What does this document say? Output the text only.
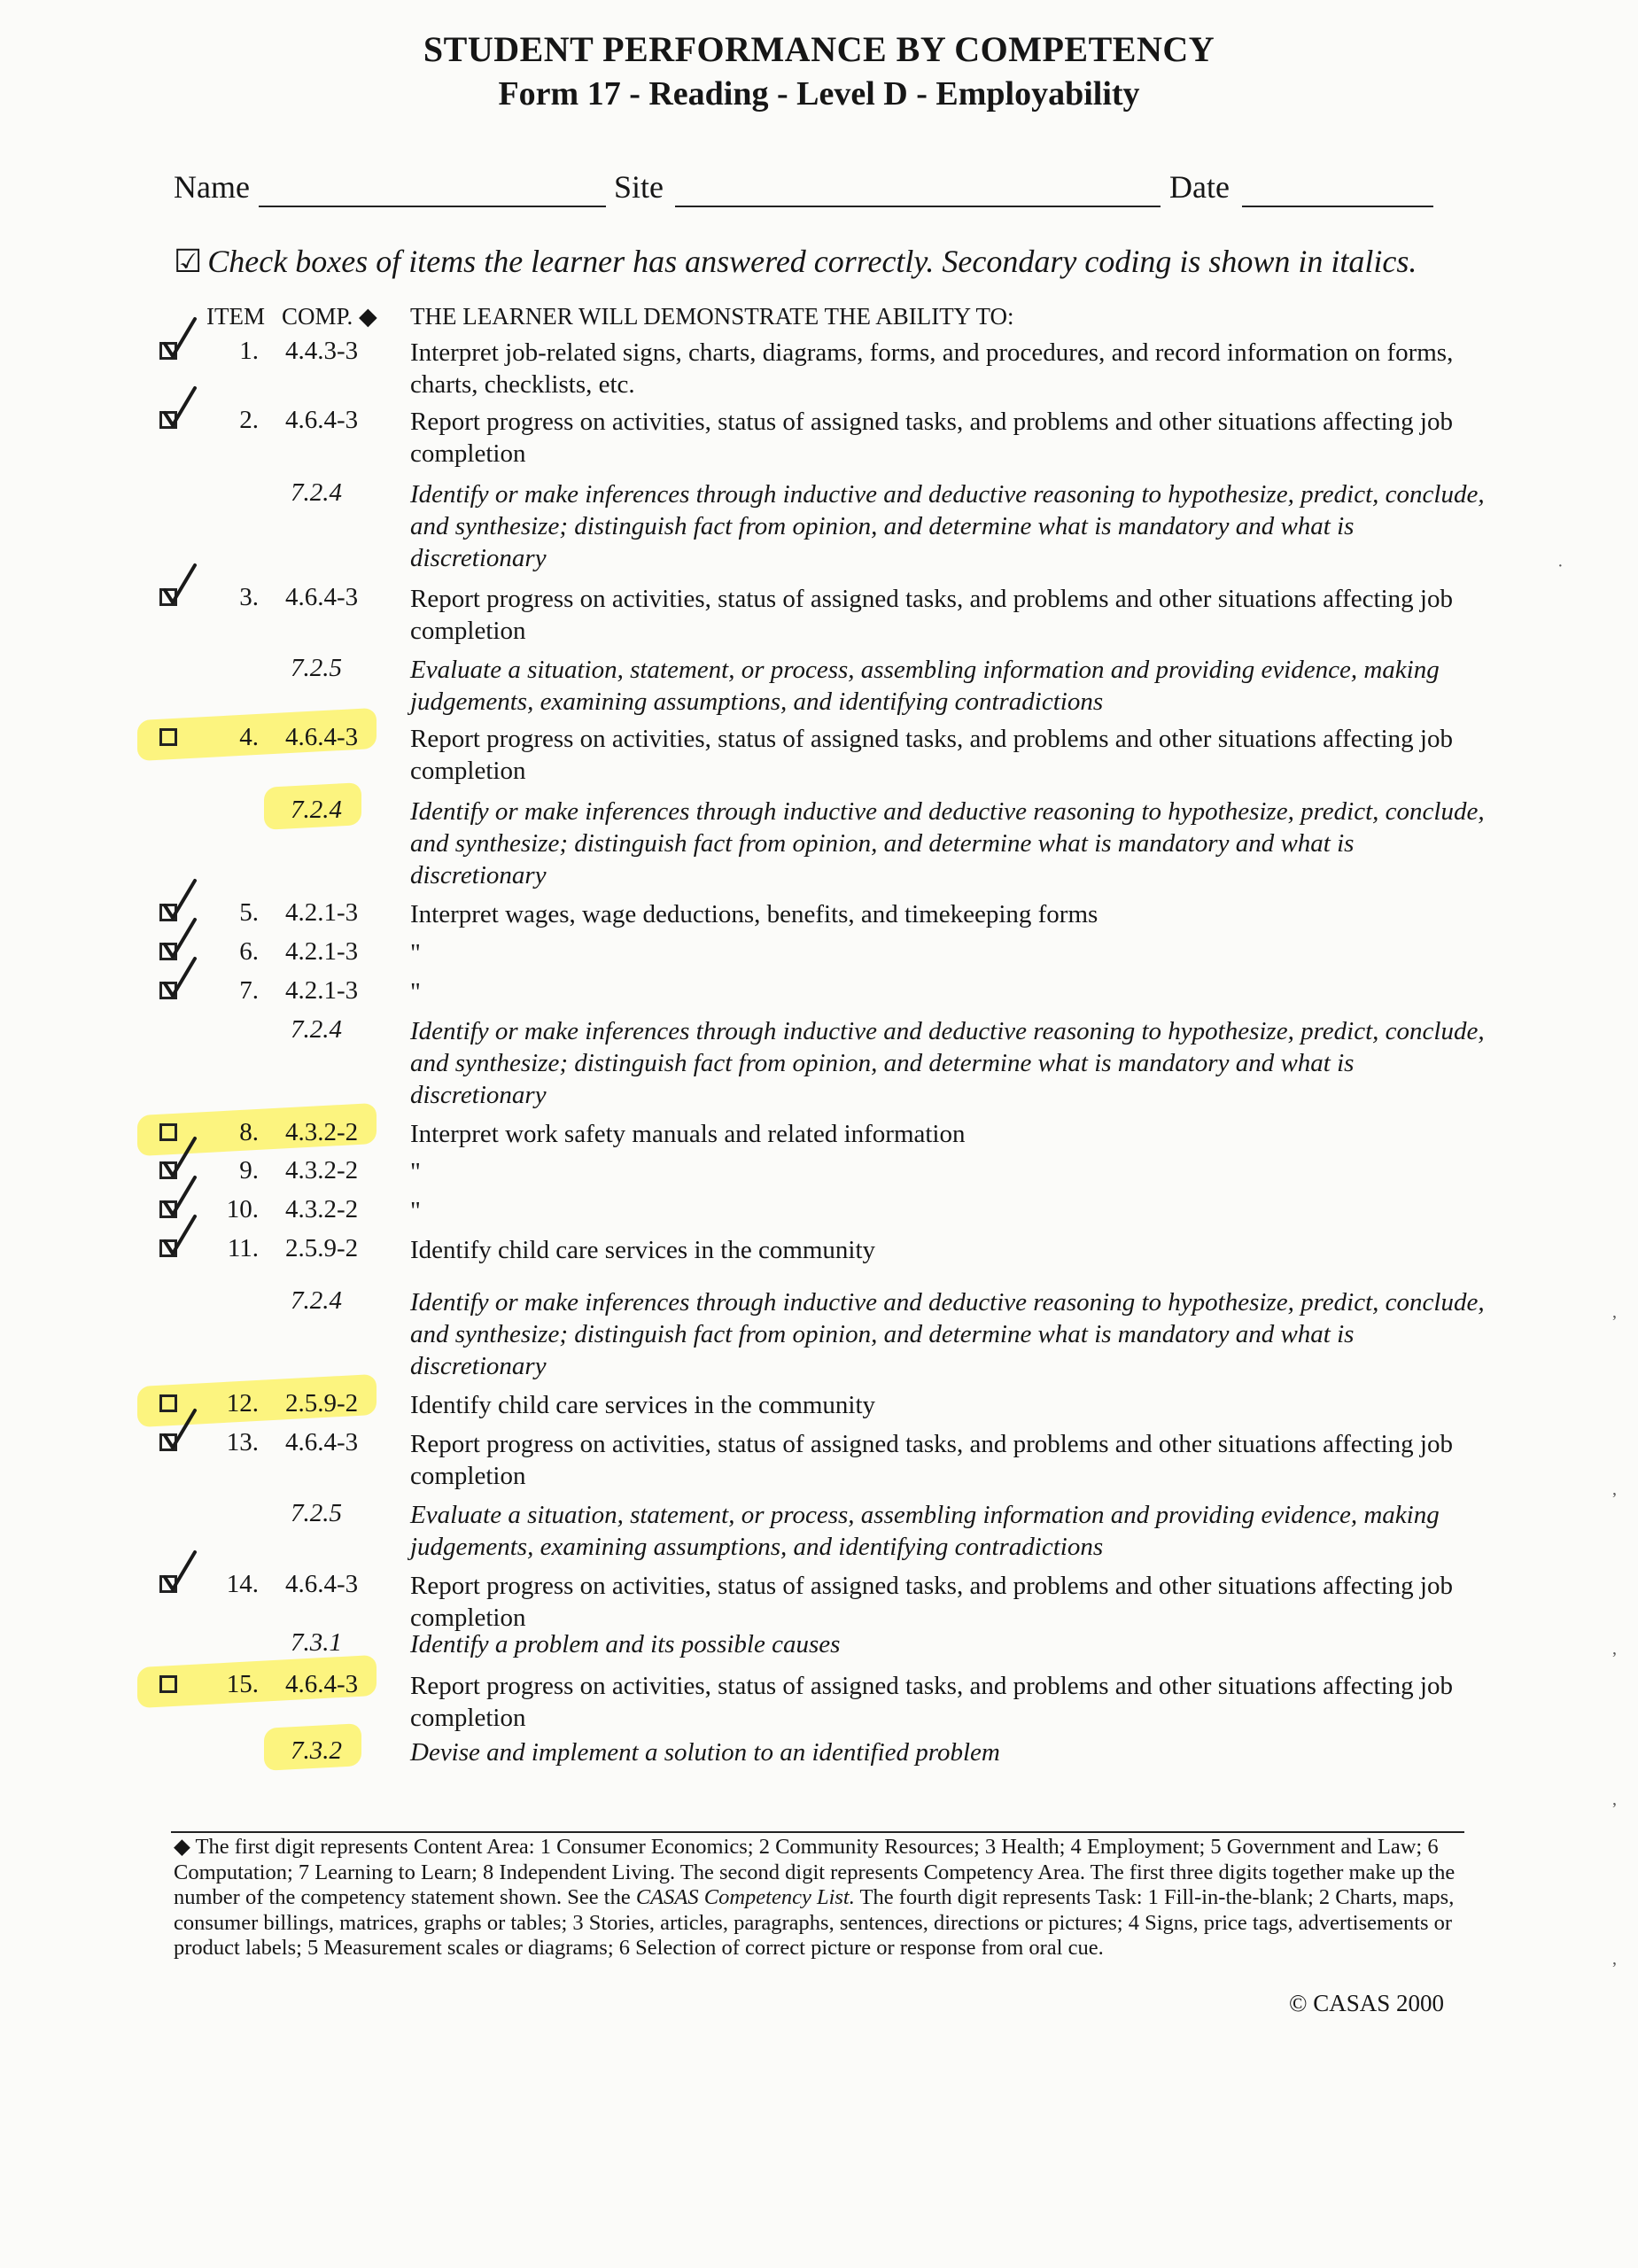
STUDENT PERFORMANCE BY COMPETENCY
Form 17 - Reading - Level D - Employability
Name	Site	Date
☑ Check boxes of items the learner has answered correctly. Secondary coding is shown in italics.
ITEM COMP. ◆ THE LEARNER WILL DEMONSTRATE THE ABILITY TO:
1. 4.4.3-3 Interpret job-related signs, charts, diagrams, forms, and procedures, and record information on forms, charts, checklists, etc.
2. 4.6.4-3 Report progress on activities, status of assigned tasks, and problems and other situations affecting job completion
7.2.4	Identify or make inferences through inductive and deductive reasoning to hypothesize, predict, conclude, and synthesize; distinguish fact from opinion, and determine what is mandatory and what is discretionary
3. 4.6.4-3 Report progress on activities, status of assigned tasks, and problems and other situations affecting job completion
7.2.5	Evaluate a situation, statement, or process, assembling information and providing evidence, making judgements, examining assumptions, and identifying contradictions
4. 4.6.4-3 Report progress on activities, status of assigned tasks, and problems and other situations affecting job completion
7.2.4	Identify or make inferences through inductive and deductive reasoning to hypothesize, predict, conclude, and synthesize; distinguish fact from opinion, and determine what is mandatory and what is discretionary
5. 4.2.1-3 Interpret wages, wage deductions, benefits, and timekeeping forms
6. 4.2.1-3 "
7. 4.2.1-3 "
7.2.4	Identify or make inferences through inductive and deductive reasoning to hypothesize, predict, conclude, and synthesize; distinguish fact from opinion, and determine what is mandatory and what is discretionary
8. 4.3.2-2 Interpret work safety manuals and related information
9. 4.3.2-2 "
10. 4.3.2-2 "
11. 2.5.9-2 Identify child care services in the community
7.2.4	Identify or make inferences through inductive and deductive reasoning to hypothesize, predict, conclude, and synthesize; distinguish fact from opinion, and determine what is mandatory and what is discretionary
12. 2.5.9-2 Identify child care services in the community
13. 4.6.4-3 Report progress on activities, status of assigned tasks, and problems and other situations affecting job completion
7.2.5	Evaluate a situation, statement, or process, assembling information and providing evidence, making judgements, examining assumptions, and identifying contradictions
14. 4.6.4-3 Report progress on activities, status of assigned tasks, and problems and other situations affecting job completion
7.3.1	Identify a problem and its possible causes
15. 4.6.4-3 Report progress on activities, status of assigned tasks, and problems and other situations affecting job completion
7.3.2	Devise and implement a solution to an identified problem
◆ The first digit represents Content Area: 1 Consumer Economics; 2 Community Resources; 3 Health; 4 Employment; 5 Government and Law; 6 Computation; 7 Learning to Learn; 8 Independent Living. The second digit represents Competency Area. The first three digits together make up the number of the competency statement shown. See the CASAS Competency List. The fourth digit represents Task: 1 Fill-in-the-blank; 2 Charts, maps, consumer billings, matrices, graphs or tables; 3 Stories, articles, paragraphs, sentences, directions or pictures; 4 Signs, price tags, advertisements or product labels; 5 Measurement scales or diagrams; 6 Selection of correct picture or response from oral cue.
© CASAS 2000
·
,
,
,
,
,
